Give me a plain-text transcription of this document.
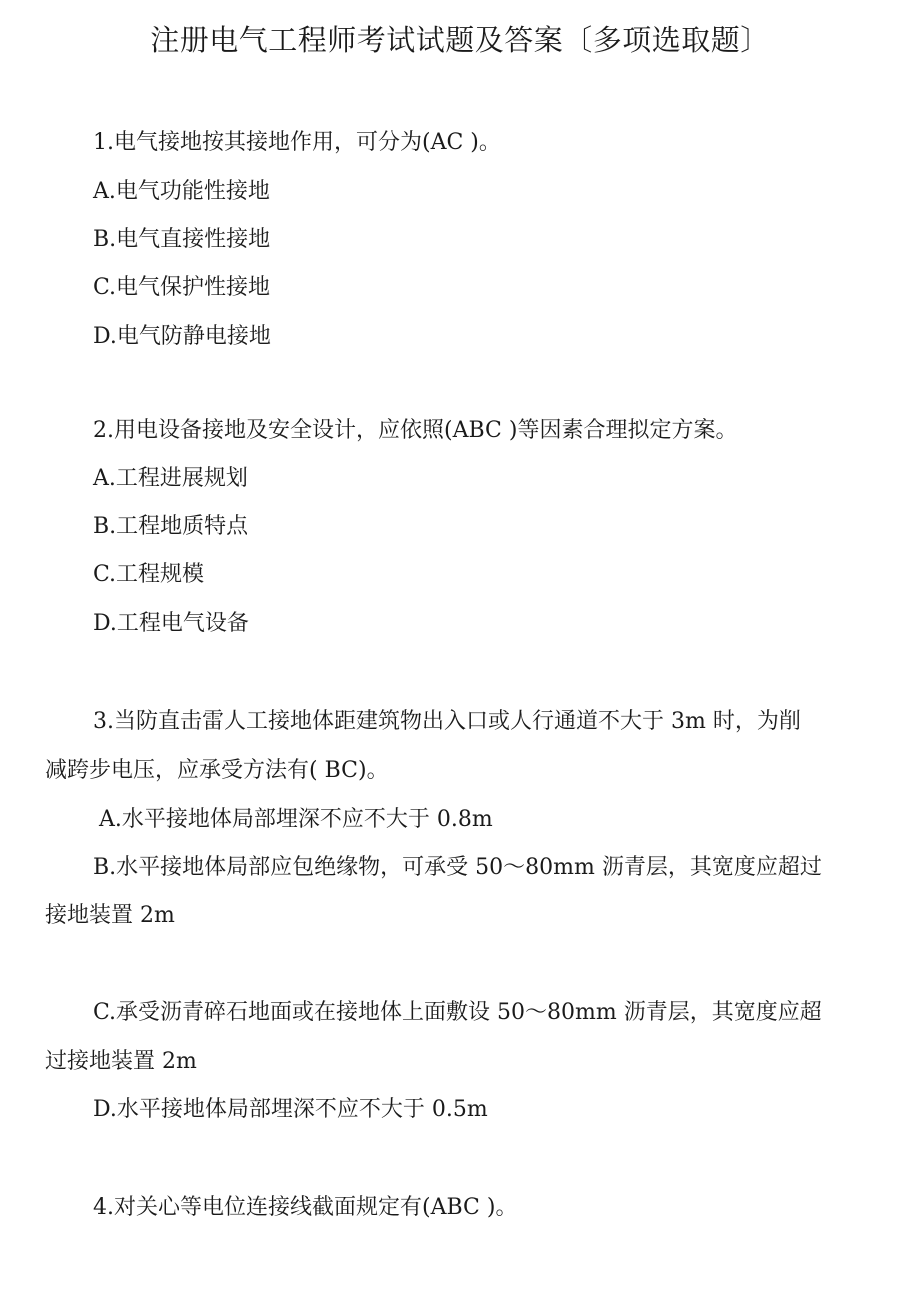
注册电气工程师考试试题及答案〔多项选取题〕
1.电气接地按其接地作用，可分为(AC )。
A.电气功能性接地
B.电气直接性接地
C.电气保护性接地
D.电气防静电接地
2.用电设备接地及安全设计，应依照(ABC )等因素合理拟定方案。
A.工程进展规划
B.工程地质特点
C.工程规模
D.工程电气设备
3.当防直击雷人工接地体距建筑物出入口或人行通道不大于 3m 时，为削
减跨步电压，应承受方法有( BC)。
A.水平接地体局部埋深不应不大于 0.8m
B.水平接地体局部应包绝缘物，可承受 50～80mm 沥青层，其宽度应超过
接地装置 2m
C.承受沥青碎石地面或在接地体上面敷设 50～80mm 沥青层，其宽度应超
过接地装置 2m
D.水平接地体局部埋深不应不大于 0.5m
4.对关心等电位连接线截面规定有(ABC )。
